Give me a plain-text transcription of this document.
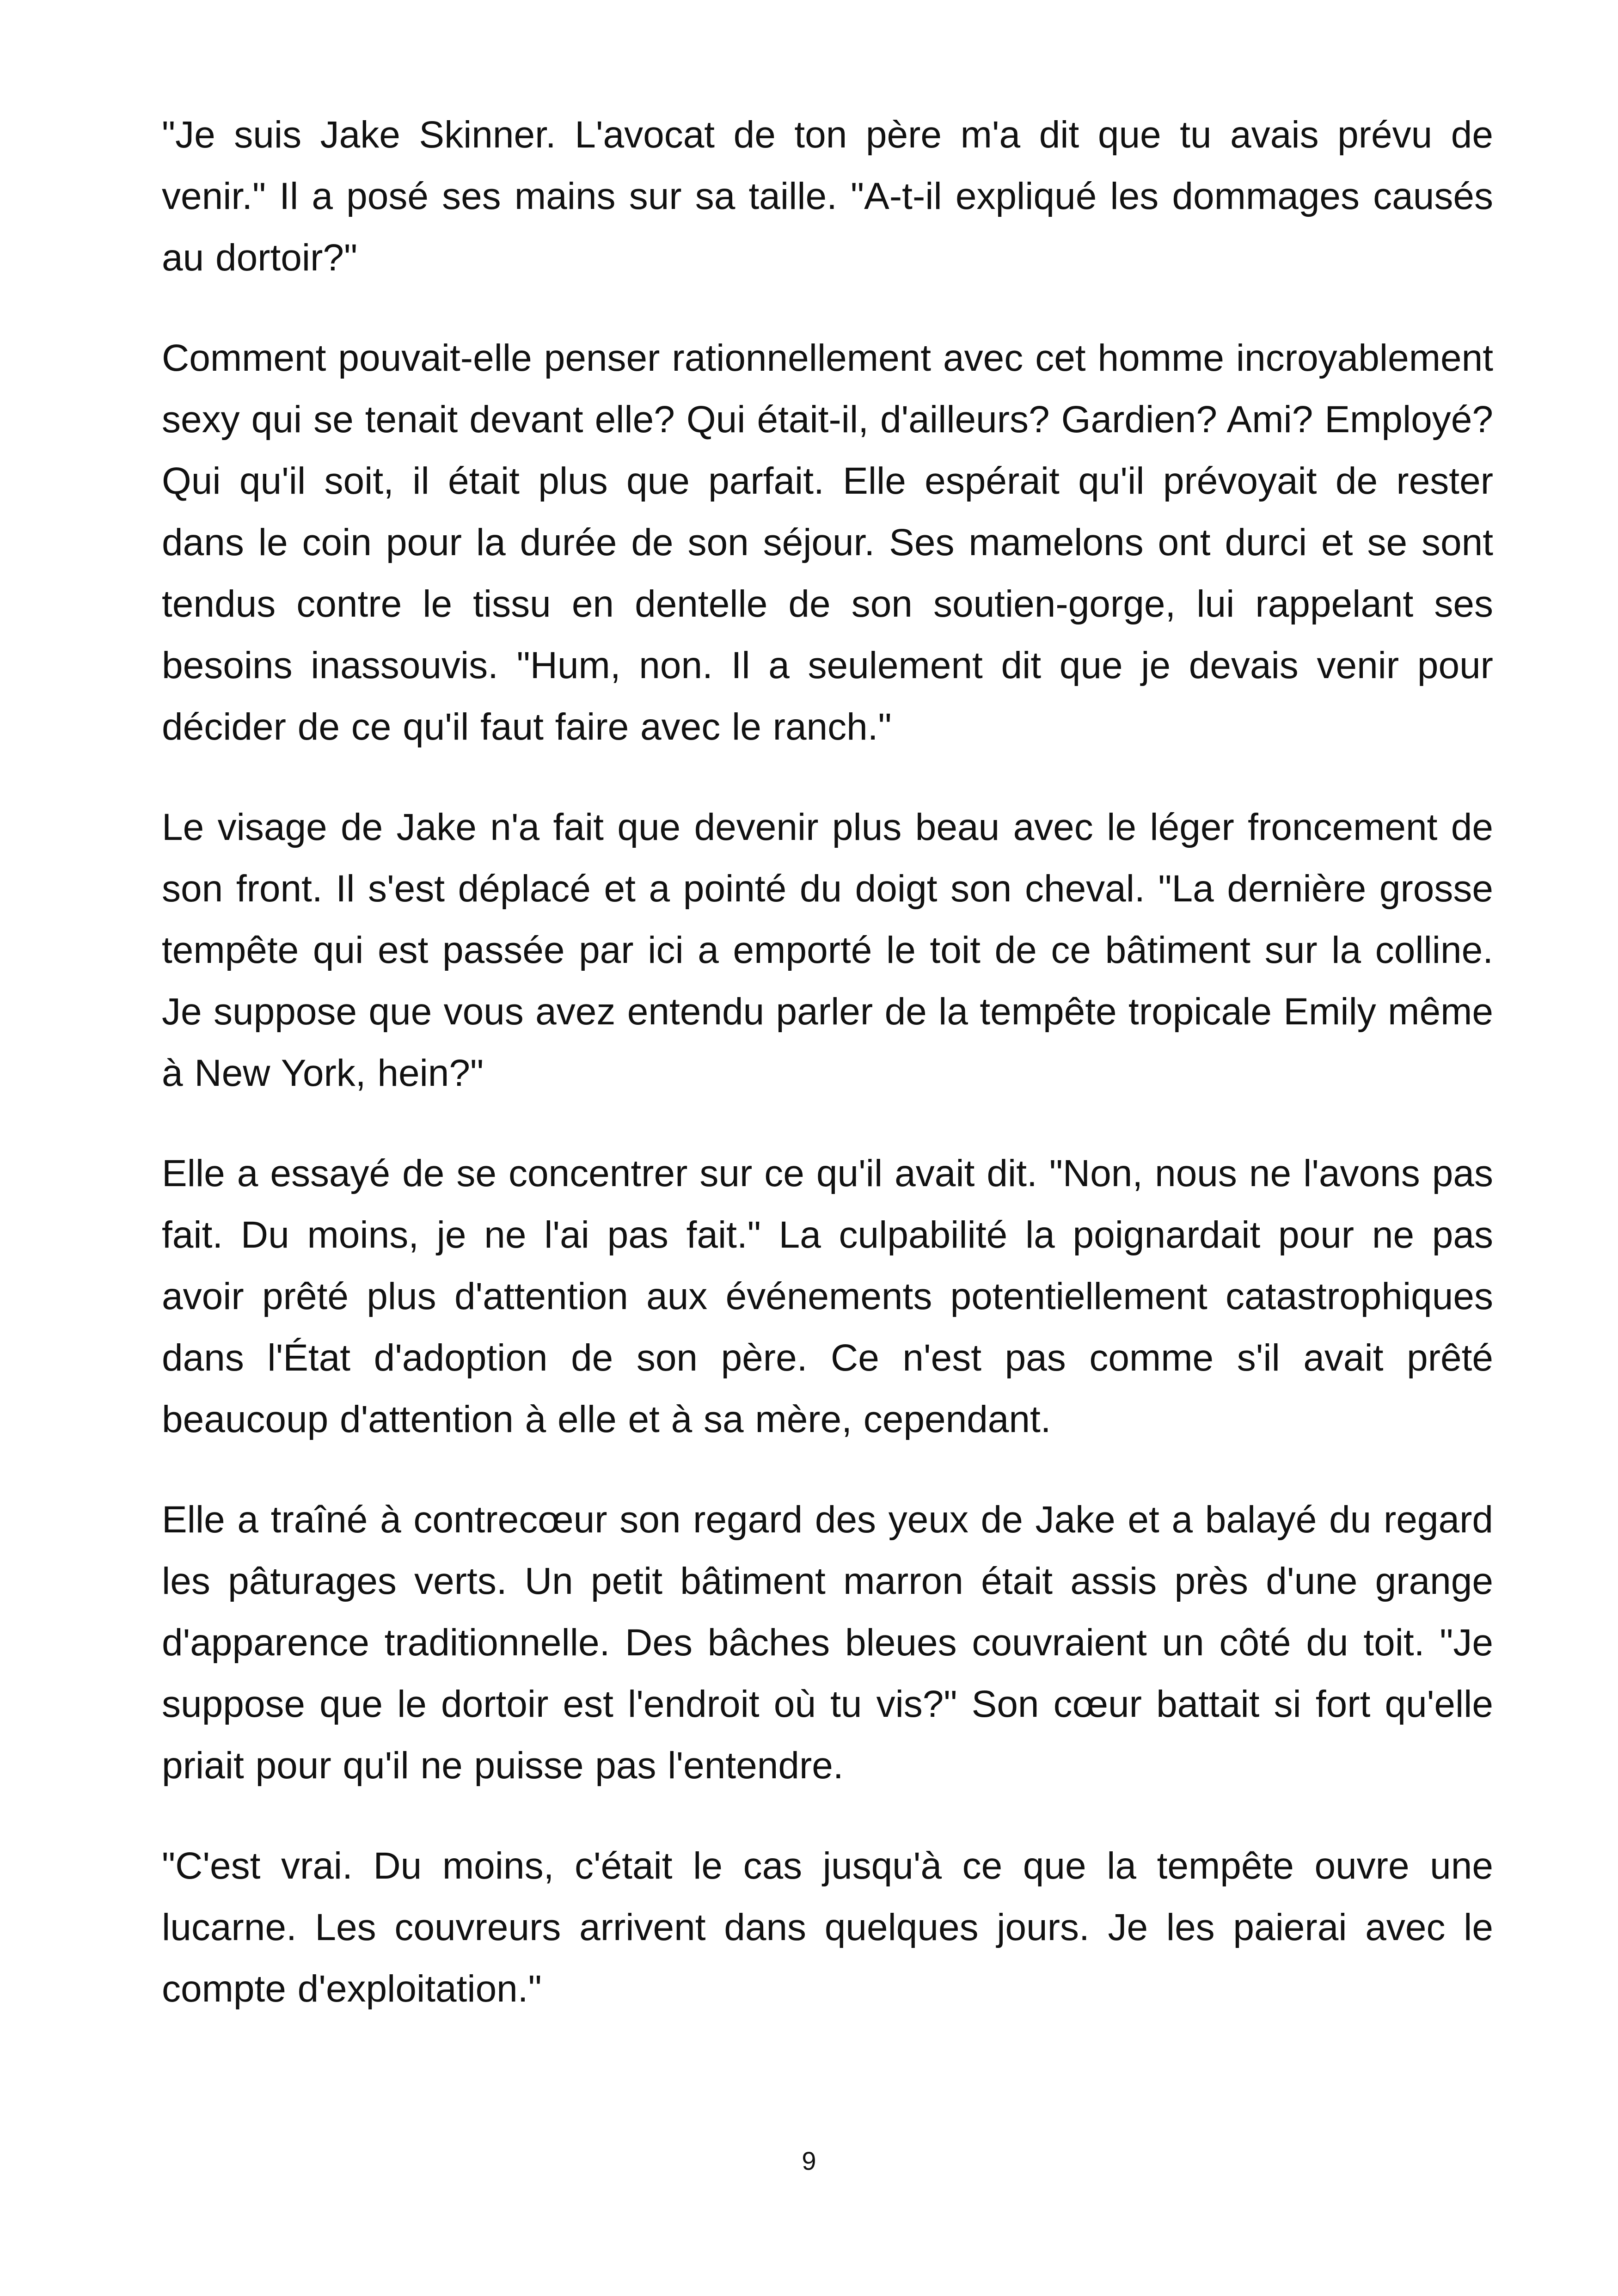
"Je suis Jake Skinner. L'avocat de ton père m'a dit que tu avais prévu de venir." Il a posé ses mains sur sa taille. "A-t-il expliqué les dommages causés au dortoir?"

Comment pouvait-elle penser rationnellement avec cet homme incroyablement sexy qui se tenait devant elle? Qui était-il, d'ailleurs? Gardien? Ami? Employé? Qui qu'il soit, il était plus que parfait. Elle espérait qu'il prévoyait de rester dans le coin pour la durée de son séjour. Ses mamelons ont durci et se sont tendus contre le tissu en dentelle de son soutien-gorge, lui rappelant ses besoins inassouvis. "Hum, non. Il a seulement dit que je devais venir pour décider de ce qu'il faut faire avec le ranch."

Le visage de Jake n'a fait que devenir plus beau avec le léger froncement de son front. Il s'est déplacé et a pointé du doigt son cheval. "La dernière grosse tempête qui est passée par ici a emporté le toit de ce bâtiment sur la colline. Je suppose que vous avez entendu parler de la tempête tropicale Emily même à New York, hein?"

Elle a essayé de se concentrer sur ce qu'il avait dit. "Non, nous ne l'avons pas fait. Du moins, je ne l'ai pas fait." La culpabilité la poignardait pour ne pas avoir prêté plus d'attention aux événements potentiellement catastrophiques dans l'État d'adoption de son père. Ce n'est pas comme s'il avait prêté beaucoup d'attention à elle et à sa mère, cependant.

Elle a traîné à contrecœur son regard des yeux de Jake et a balayé du regard les pâturages verts. Un petit bâtiment marron était assis près d'une grange d'apparence traditionnelle. Des bâches bleues couvraient un côté du toit. "Je suppose que le dortoir est l'endroit où tu vis?" Son cœur battait si fort qu'elle priait pour qu'il ne puisse pas l'entendre.

"C'est vrai. Du moins, c'était le cas jusqu'à ce que la tempête ouvre une lucarne. Les couvreurs arrivent dans quelques jours. Je les paierai avec le compte d'exploitation."

9
